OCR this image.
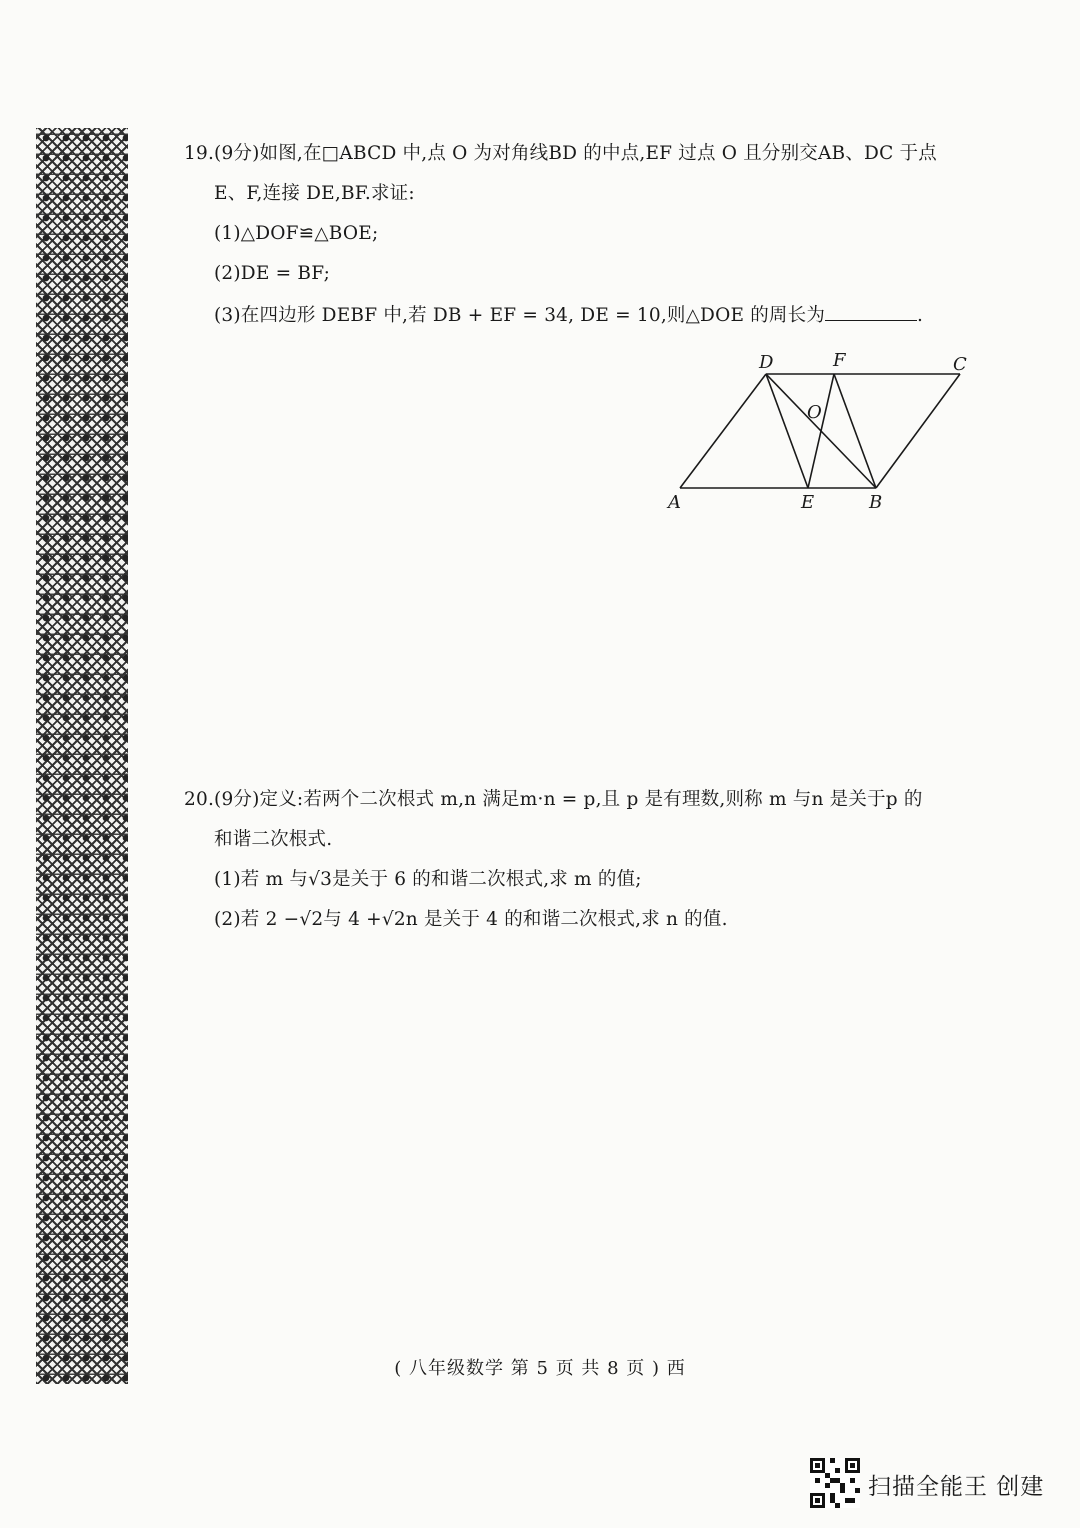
19.(9分)如图,在□ABCD 中,点 O 为对角线BD 的中点,EF 过点 O 且分别交AB、DC 于点
E、F,连接 DE,BF.求证:
(1)△DOF≌△BOE;
(2)DE = BF;
(3)在四边形 DEBF 中,若 DB + EF = 34, DE = 10,则△DOE 的周长为	.
A	E	B
D	F	C
O
20.(9分)定义:若两个二次根式 m,n 满足m·n = p,且 p 是有理数,则称 m 与n 是关于p 的
和谐二次根式.
(1)若 m 与√3是关于 6 的和谐二次根式,求 m 的值;
(2)若 2 −√2与 4 +√2n 是关于 4 的和谐二次根式,求 n 的值.
( 八年级数学 第 5 页 共 8 页 ) 西
扫描全能王 创建
